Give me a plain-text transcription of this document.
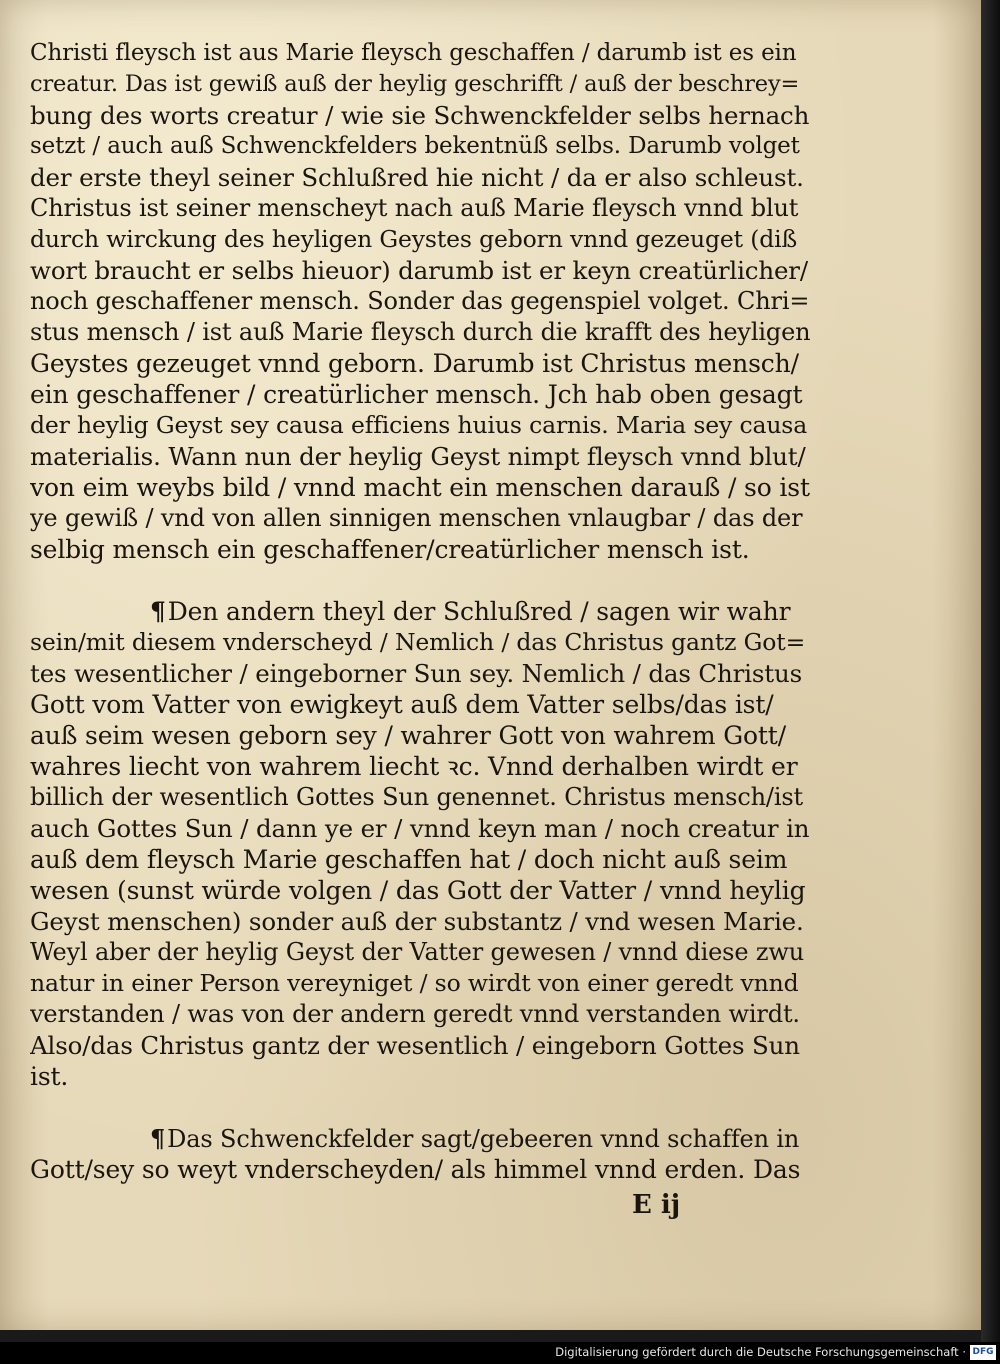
Christi fleysch ist aus Marie fleysch geschaffen / darumb ist es ein
creatur. Das ist gewiß auß der heylig geschrifft / auß der beschrey=
bung des worts creatur / wie sie Schwenckfelder selbs hernach
setzt / auch auß Schwenckfelders bekentnüß selbs. Darumb volget
der erste theyl seiner Schlußred hie nicht / da er also schleust.
Christus ist seiner menscheyt nach auß Marie fleysch vnnd blut
durch wirckung des heyligen Geystes geborn vnnd gezeuget (diß
wort braucht er selbs hieuor) darumb ist er keyn creatürlicher/
noch geschaffener mensch. Sonder das gegenspiel volget. Chri=
stus mensch / ist auß Marie fleysch durch die krafft des heyligen
Geystes gezeuget vnnd geborn. Darumb ist Christus mensch/
ein geschaffener / creatürlicher mensch. Jch hab oben gesagt
der heylig Geyst sey causa efficiens huius carnis. Maria sey causa
materialis. Wann nun der heylig Geyst nimpt fleysch vnnd blut/
von eim weybs bild / vnnd macht ein menschen darauß / so ist
ye gewiß / vnd von allen sinnigen menschen vnlaugbar / das der
selbig mensch ein geschaffener/creatürlicher mensch ist.
¶Den andern theyl der Schlußred / sagen wir wahr
sein/mit diesem vnderscheyd / Nemlich / das Christus gantz Got=
tes wesentlicher / eingeborner Sun sey. Nemlich / das Christus
Gott vom Vatter von ewigkeyt auß dem Vatter selbs/das ist/
auß seim wesen geborn sey / wahrer Gott von wahrem Gott/
wahres liecht von wahrem liecht ꝛc. Vnnd derhalben wirdt er
billich der wesentlich Gottes Sun genennet. Christus mensch/ist
auch Gottes Sun / dann ye er / vnnd keyn man / noch creatur in
auß dem fleysch Marie geschaffen hat / doch nicht auß seim
wesen (sunst würde volgen / das Gott der Vatter / vnnd heylig
Geyst menschen) sonder auß der substantz / vnd wesen Marie.
Weyl aber der heylig Geyst der Vatter gewesen / vnnd diese zwu
natur in einer Person vereyniget / so wirdt von einer geredt vnnd
verstanden / was von der andern geredt vnnd verstanden wirdt.
Also/das Christus gantz der wesentlich / eingeborn Gottes Sun
ist.
¶Das Schwenckfelder sagt/gebeeren vnnd schaffen in
Gott/sey so weyt vnderscheyden/ als himmel vnnd erden. Das
E ij
Digitalisierung gefördert durch die Deutsche Forschungsgemeinschaft · DFG
